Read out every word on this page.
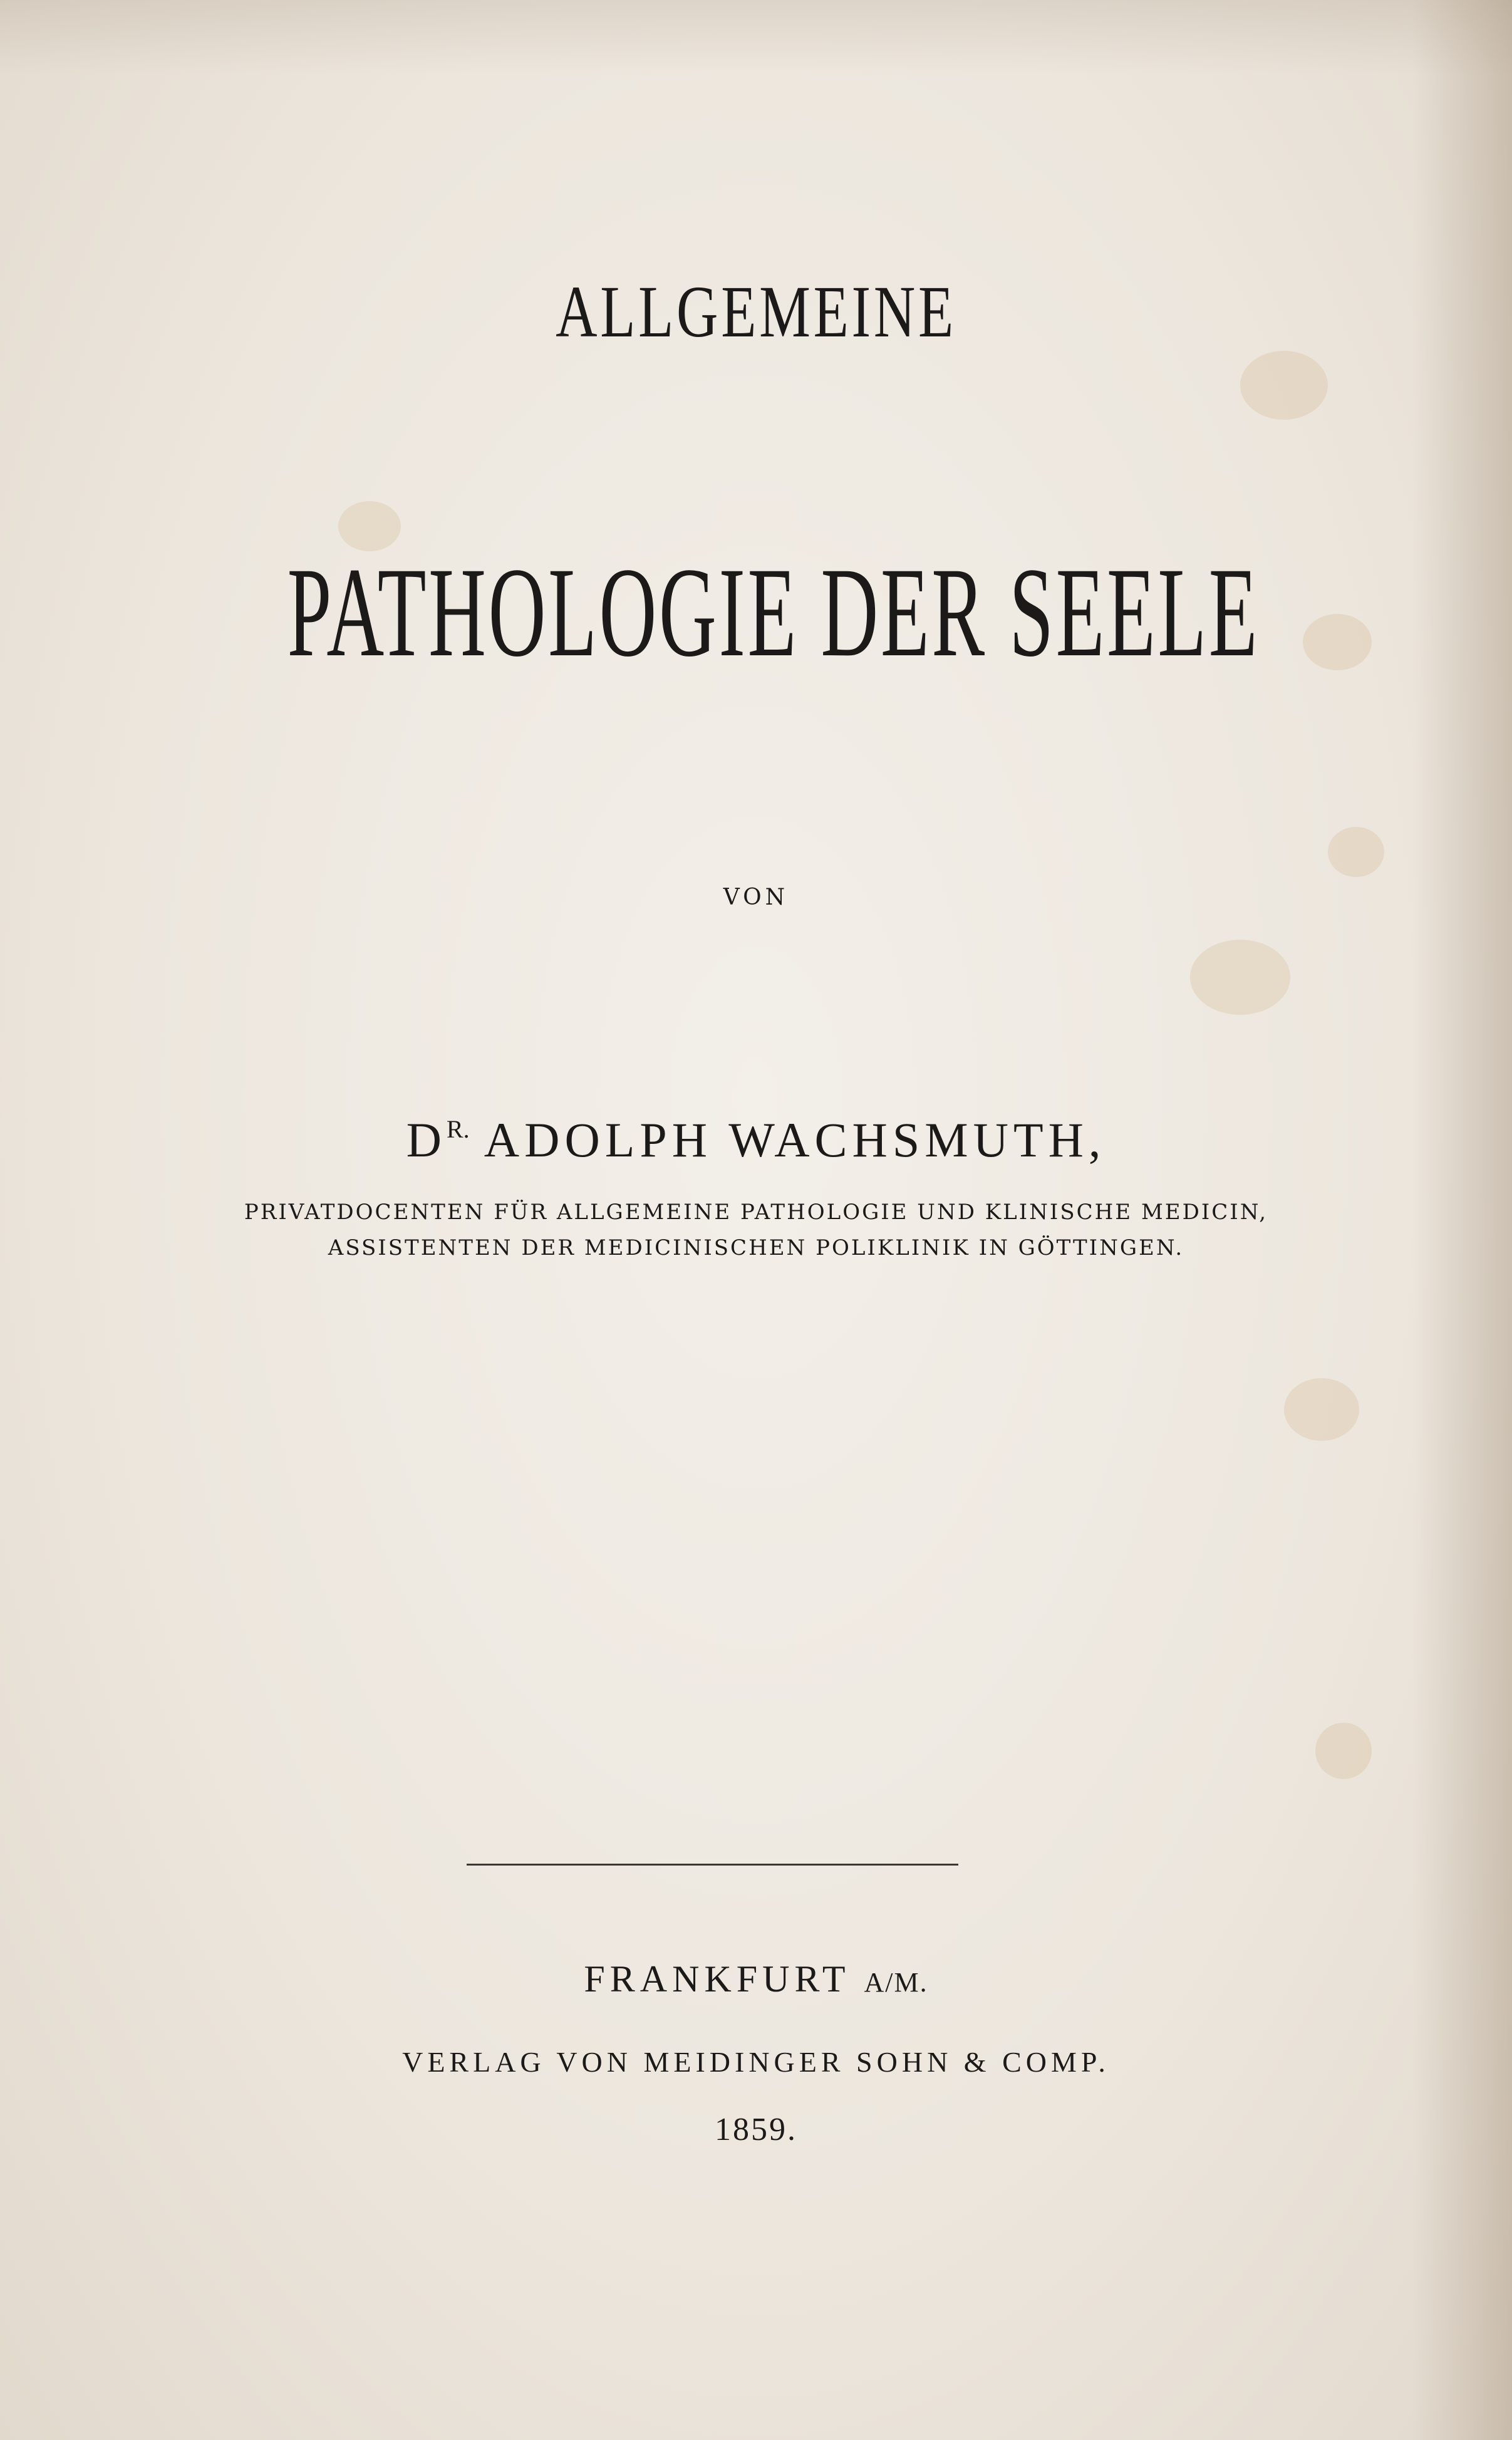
ALLGEMEINE
PATHOLOGIE DER SEELE
VON
$D^{R.}$ ADOLPH WACHSMUTH,
PRIVATDOCENTEN FÜR ALLGEMEINE PATHOLOGIE UND KLINISCHE MEDICIN,
ASSISTENTEN DER MEDICINISCHEN POLIKLINIK IN GÖTTINGEN.
FRANKFURT A/M.
VERLAG VON MEIDINGER SOHN & COMP.
1859.
